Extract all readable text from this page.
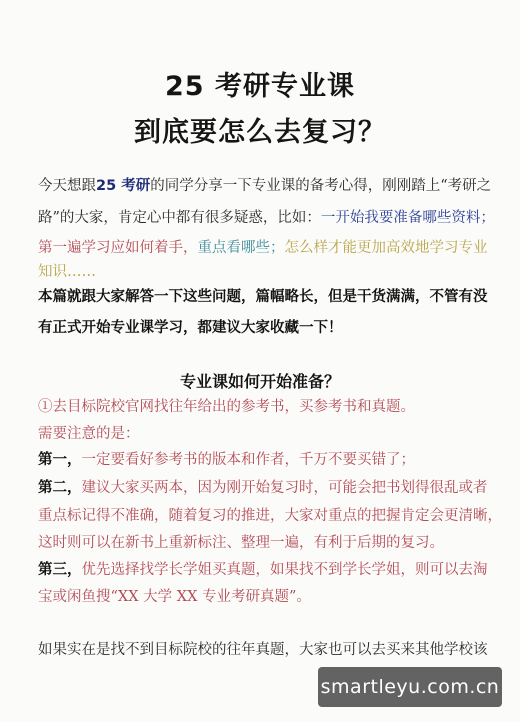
25 考研专业课
到底要怎么去复习？
今天想跟25 考研的同学分享一下专业课的备考心得，刚刚踏上“考研之
路”的大家，肯定心中都有很多疑惑，比如：一开始我要准备哪些资料；
第一遍学习应如何着手，重点看哪些；怎么样才能更加高效地学习专业
知识……
本篇就跟大家解答一下这些问题，篇幅略长，但是干货满满，不管有没
有正式开始专业课学习，都建议大家收藏一下！
专业课如何开始准备？
①去目标院校官网找往年给出的参考书，买参考书和真题。
需要注意的是：
第一，一定要看好参考书的版本和作者，千万不要买错了；
第二，建议大家买两本，因为刚开始复习时，可能会把书划得很乱或者
重点标记得不准确，随着复习的推进，大家对重点的把握肯定会更清晰，
这时则可以在新书上重新标注、整理一遍，有利于后期的复习。
第三，优先选择找学长学姐买真题，如果找不到学长学姐，则可以去淘
宝或闲鱼搜“XX 大学 XX 专业考研真题”。
如果实在是找不到目标院校的往年真题，大家也可以去买来其他学校该
smartleyu.com.cn
